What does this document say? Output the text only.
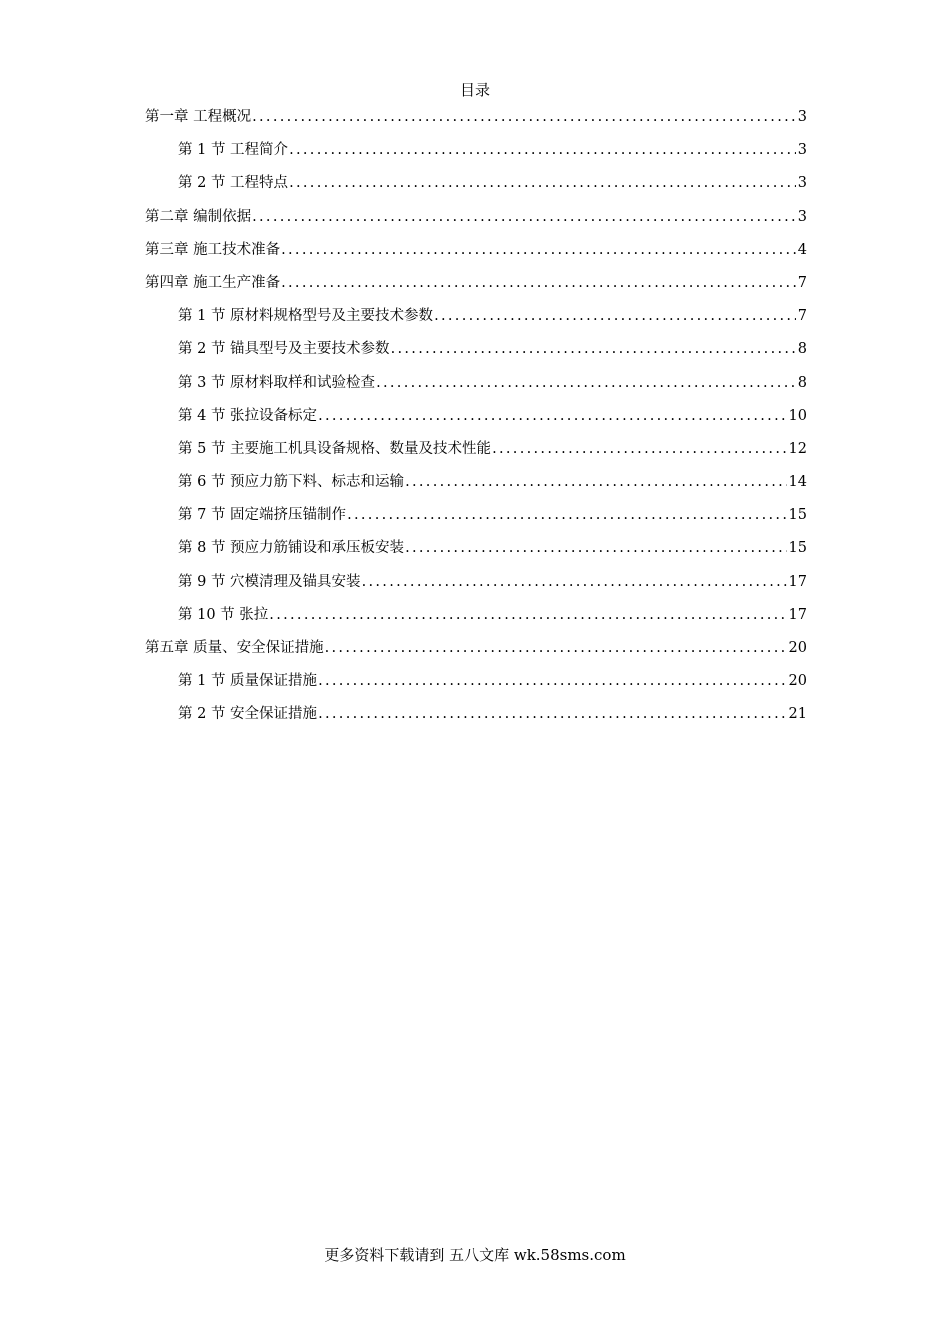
目录
第一章 工程概况 .....	3
第 1 节 工程简介 .....	3
第 2 节 工程特点 .....	3
第二章 编制依据 .....	3
第三章 施工技术准备 .....	4
第四章 施工生产准备 .....	7
第 1 节 原材料规格型号及主要技术参数 .....	7
第 2 节 锚具型号及主要技术参数 .....	8
第 3 节 原材料取样和试验检查 .....	8
第 4 节 张拉设备标定 .....	10
第 5 节 主要施工机具设备规格、数量及技术性能 .....	12
第 6 节 预应力筋下料、标志和运输 .....	14
第 7 节 固定端挤压锚制作 .....	15
第 8 节 预应力筋铺设和承压板安装 .....	15
第 9 节 穴模清理及锚具安装 .....	17
第 10 节 张拉 .....	17
第五章 质量、安全保证措施 .....	20
第 1 节 质量保证措施 .....	20
第 2 节 安全保证措施 .....	21
更多资料下载请到 五八文库 wk.58sms.com
